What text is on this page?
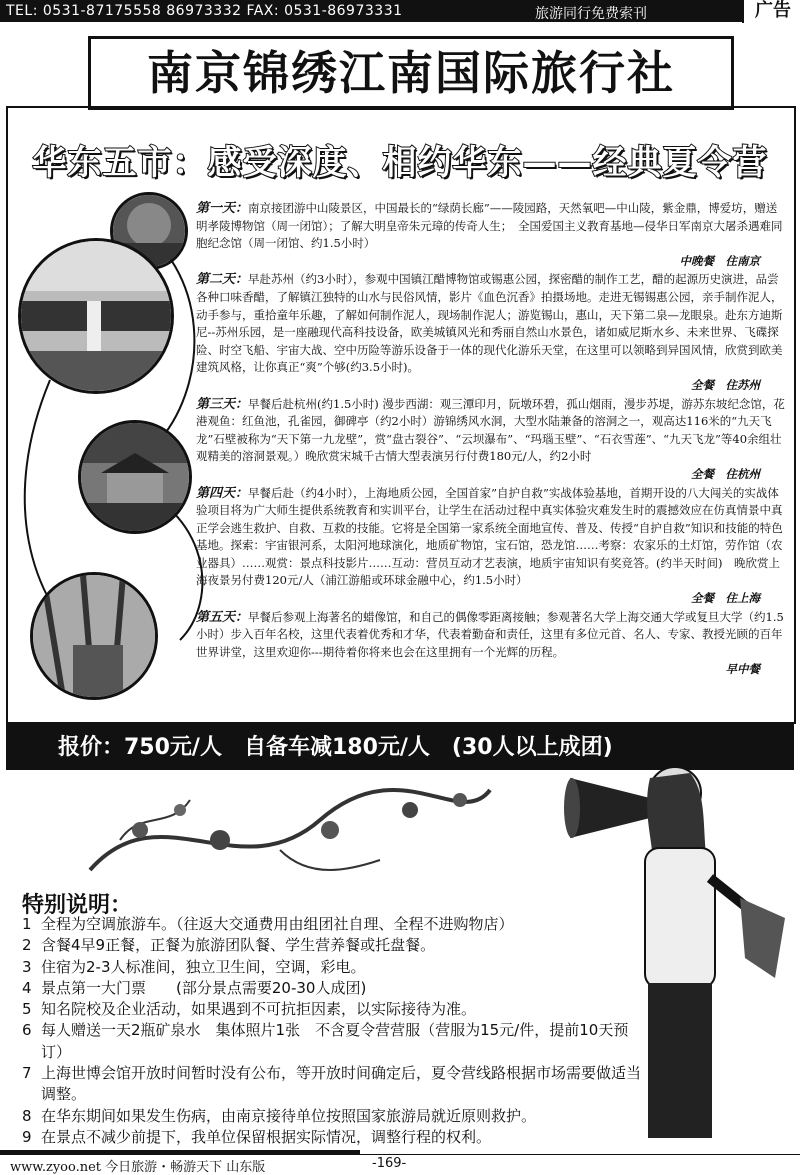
TEL: 0531-87175558 86973332 FAX: 0531-86973331	旅游同行免费索刊	广告
南京锦绣江南国际旅行社
华东五市：感受深度、相约华东——经典夏令营

第一天：南京接团游中山陵景区，中国最长的“绿荫长廊”——陵园路，天然氧吧—中山陵，紫金鼎，博爱坊，赠送明孝陵博物馆（周一闭馆）；了解大明皇帝朱元璋的传奇人生；　全国爱国主义教育基地—侵华日军南京大屠杀遇难同胞纪念馆（周一闭馆、约1.5小时）

中晚餐　住南京

第二天：早赴苏州（约3小时），参观中国镇江醋博物馆或锡惠公园，探密醋的制作工艺，醋的起源历史演进，品尝各种口味香醋，了解镇江独特的山水与民俗风情，影片《血色沉香》拍摄场地。走进无锡锡惠公园，亲手制作泥人，动手参与，重拾童年乐趣，了解如何制作泥人，现场制作泥人；游览锡山，惠山，天下第二泉—龙眼泉。赴东方迪斯尼--苏州乐园，是一座融现代高科技设备，欧美城镇风光和秀丽自然山水景色，诸如威尼斯水乡、未来世界、飞碟探险、时空飞船、宇宙大战、空中历险等游乐设备于一体的现代化游乐天堂，在这里可以领略到异国风情，欣赏到欧美建筑风格，让你真正“爽”个够(约3.5小时)。

全餐　住苏州

第三天：早餐后赴杭州(约1.5小时) 漫步西湖：观三潭印月，阮墩环碧，孤山烟雨，漫步苏堤，游苏东坡纪念馆，花港观鱼：红鱼池，孔雀园，御碑亭（约2小时）游锦绣风水洞，大型水陆兼备的溶洞之一，观高达116米的“九天飞龙”石壁被称为“天下第一九龙壁”，赏“盘古裂谷”、“云坝瀑布”、“玛瑙玉壁”、“石衣雪莲”、“九天飞龙”等40余组壮观精美的溶洞景观。）晚欣赏宋城千古情大型表演另行付费180元/人，约2小时

全餐　住杭州

第四天：早餐后赴（约4小时），上海地质公园，全国首家”自护自救”实战体验基地，首期开设的八大闯关的实战体验项目将为广大师生提供系统教育和实训平台，让学生在活动过程中真实体验灾难发生时的震撼效应在仿真情景中真正学会逃生救护、自救、互救的技能。它将是全国第一家系统全面地宣传、普及、传授“自护自救”知识和技能的特色基地。探索：宇宙银河系，太阳河地球演化，地质矿物馆，宝石馆，恐龙馆……考察：农家乐的土灯馆，劳作馆（农业器具）……观赏：景点科技影片……互动：营员互动才艺表演，地质宇宙知识有奖竞答。(约半天时间)　晚欣赏上海夜景另付费120元/人（浦江游船或环球金融中心，约1.5小时）

全餐　住上海

第五天：早餐后参观上海著名的蜡像馆，和自己的偶像零距离接触；参观著名大学上海交通大学或复旦大学（约1.5小时）步入百年名校，这里代表着优秀和才华，代表着勤奋和责任，这里有多位元首、名人、专家、教授光顾的百年世界讲堂，这里欢迎你---期待着你将来也会在这里拥有一个光辉的历程。

早中餐
报价：750元/人　自备车减180元/人　(30人以上成团)
特别说明：
1 全程为空调旅游车。（往返大交通费用由组团社自理、全程不进购物店）
2 含餐4早9正餐，正餐为旅游团队餐、学生营养餐或托盘餐。
3 住宿为2-3人标准间，独立卫生间，空调，彩电。
4 景点第一大门票　　(部分景点需要20-30人成团)
5 知名院校及企业活动，如果遇到不可抗拒因素，以实际接待为准。
6 每人赠送一天2瓶矿泉水　集体照片1张　不含夏令营营服（营服为15元/件，提前10天预订）
7 上海世博会馆开放时间暂时没有公布，等开放时间确定后，夏令营线路根据市场需要做适当调整。
8 在华东期间如果发生伤病，由南京接待单位按照国家旅游局就近原则救护。
9 在景点不减少前提下，我单位保留根据实际情况，调整行程的权利。
www.zyoo.net 今日旅游・畅游天下 山东版	-169-
